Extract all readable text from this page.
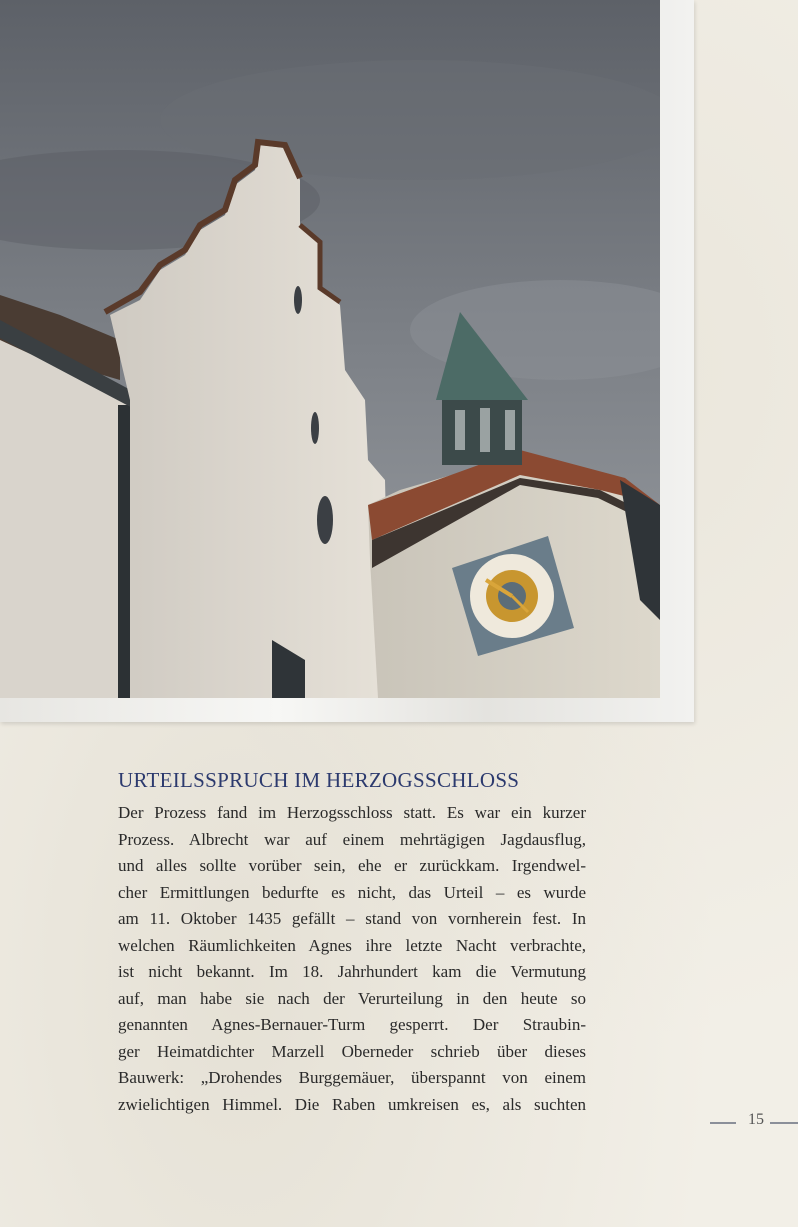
URTEILSSPRUCH IM HERZOGSSCHLOSS
Der Prozess fand im Herzogsschloss statt. Es war ein kurzer
Prozess. Albrecht war auf einem mehrtägigen Jagdausflug,
und alles sollte vorüber sein, ehe er zurückkam. Irgendwel-
cher Ermittlungen bedurfte es nicht, das Urteil – es wurde
am 11. Oktober 1435 gefällt – stand von vornherein fest. In
welchen Räumlichkeiten Agnes ihre letzte Nacht verbrachte,
ist nicht bekannt. Im 18. Jahrhundert kam die Vermutung
auf, man habe sie nach der Verurteilung in den heute so
genannten Agnes-Bernauer-Turm gesperrt. Der Straubin-
ger Heimatdichter Marzell Oberneder schrieb über dieses
Bauwerk: „Drohendes Burggemäuer, überspannt von einem
zwielichtigen Himmel. Die Raben umkreisen es, als suchten
15
